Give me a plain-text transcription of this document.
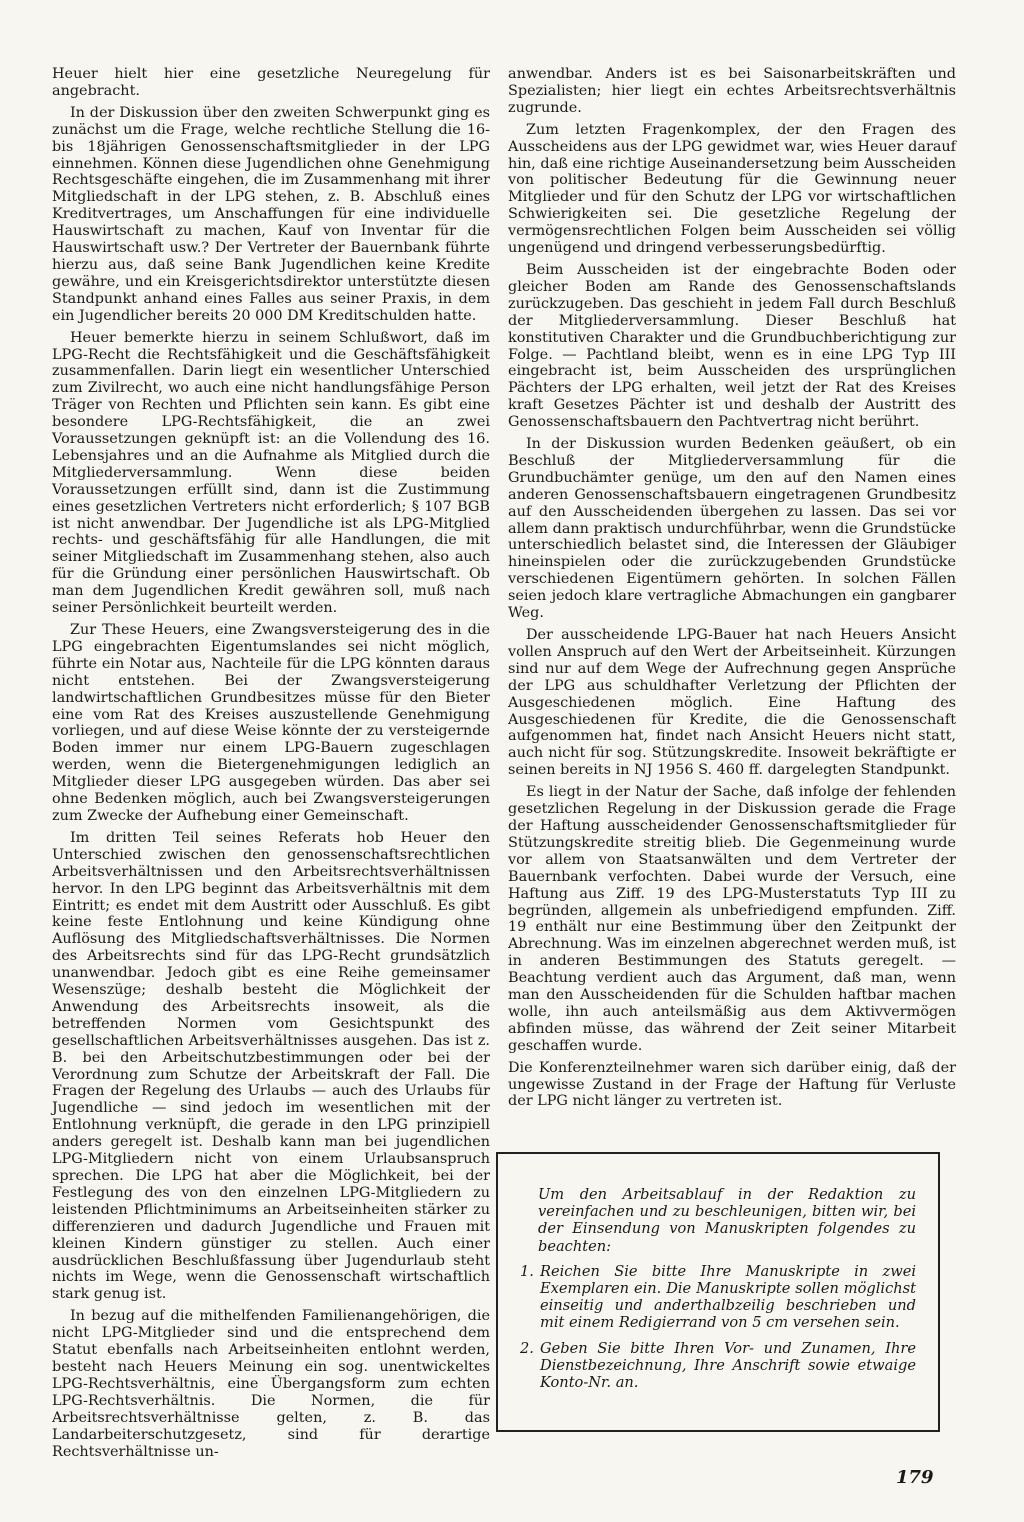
Heuer hielt hier eine gesetzliche Neuregelung für angebracht.

In der Diskussion über den zweiten Schwerpunkt ging es zunächst um die Frage, welche rechtliche Stellung die 16- bis 18jährigen Genossenschaftsmitglieder in der LPG einnehmen. Können diese Jugendlichen ohne Genehmigung Rechtsgeschäfte eingehen, die im Zusammenhang mit ihrer Mitgliedschaft in der LPG stehen, z. B. Abschluß eines Kreditvertrages, um Anschaffungen für eine individuelle Hauswirtschaft zu machen, Kauf von Inventar für die Hauswirtschaft usw.? Der Vertreter der Bauernbank führte hierzu aus, daß seine Bank Jugendlichen keine Kredite gewähre, und ein Kreisgerichtsdirektor unterstützte diesen Standpunkt anhand eines Falles aus seiner Praxis, in dem ein Jugendlicher bereits 20 000 DM Kreditschulden hatte.

Heuer bemerkte hierzu in seinem Schlußwort, daß im LPG-Recht die Rechtsfähigkeit und die Geschäftsfähigkeit zusammenfallen. Darin liegt ein wesentlicher Unterschied zum Zivilrecht, wo auch eine nicht handlungsfähige Person Träger von Rechten und Pflichten sein kann. Es gibt eine besondere LPG-Rechtsfähigkeit, die an zwei Voraussetzungen geknüpft ist: an die Vollendung des 16. Lebensjahres und an die Aufnahme als Mitglied durch die Mitgliederversammlung. Wenn diese beiden Voraussetzungen erfüllt sind, dann ist die Zustimmung eines gesetzlichen Vertreters nicht erforderlich; § 107 BGB ist nicht anwendbar. Der Jugendliche ist als LPG-Mitglied rechts- und geschäftsfähig für alle Handlungen, die mit seiner Mitgliedschaft im Zusammenhang stehen, also auch für die Gründung einer persönlichen Hauswirtschaft. Ob man dem Jugendlichen Kredit gewähren soll, muß nach seiner Persönlichkeit beurteilt werden.

Zur These Heuers, eine Zwangsversteigerung des in die LPG eingebrachten Eigentumslandes sei nicht möglich, führte ein Notar aus, Nachteile für die LPG könnten daraus nicht entstehen. Bei der Zwangsversteigerung landwirtschaftlichen Grundbesitzes müsse für den Bieter eine vom Rat des Kreises auszustellende Genehmigung vorliegen, und auf diese Weise könnte der zu versteigernde Boden immer nur einem LPG-Bauern zugeschlagen werden, wenn die Bietergenehmigungen lediglich an Mitglieder dieser LPG ausgegeben würden. Das aber sei ohne Bedenken möglich, auch bei Zwangsversteigerungen zum Zwecke der Aufhebung einer Gemeinschaft.

Im dritten Teil seines Referats hob Heuer den Unterschied zwischen den genossenschaftsrechtlichen Arbeitsverhältnissen und den Arbeitsrechtsverhältnissen hervor. In den LPG beginnt das Arbeitsverhältnis mit dem Eintritt; es endet mit dem Austritt oder Ausschluß. Es gibt keine feste Entlohnung und keine Kündigung ohne Auflösung des Mitgliedschaftsverhältnisses. Die Normen des Arbeitsrechts sind für das LPG-Recht grundsätzlich unanwendbar. Jedoch gibt es eine Reihe gemeinsamer Wesenszüge; deshalb besteht die Möglichkeit der Anwendung des Arbeitsrechts insoweit, als die betreffenden Normen vom Gesichtspunkt des gesellschaftlichen Arbeitsverhältnisses ausgehen. Das ist z. B. bei den Arbeitschutzbestimmungen oder bei der Verordnung zum Schutze der Arbeitskraft der Fall. Die Fragen der Regelung des Urlaubs — auch des Urlaubs für Jugendliche — sind jedoch im wesentlichen mit der Entlohnung verknüpft, die gerade in den LPG prinzipiell anders geregelt ist. Deshalb kann man bei jugendlichen LPG-Mitgliedern nicht von einem Urlaubsanspruch sprechen. Die LPG hat aber die Möglichkeit, bei der Festlegung des von den einzelnen LPG-Mitgliedern zu leistenden Pflichtminimums an Arbeitseinheiten stärker zu differenzieren und dadurch Jugendliche und Frauen mit kleinen Kindern günstiger zu stellen. Auch einer ausdrücklichen Beschlußfassung über Jugendurlaub steht nichts im Wege, wenn die Genossenschaft wirtschaftlich stark genug ist.

In bezug auf die mithelfenden Familienangehörigen, die nicht LPG-Mitglieder sind und die entsprechend dem Statut ebenfalls nach Arbeitseinheiten entlohnt werden, besteht nach Heuers Meinung ein sog. unentwickeltes LPG-Rechtsverhältnis, eine Übergangsform zum echten LPG-Rechtsverhältnis. Die Normen, die für Arbeitsrechtsverhältnisse gelten, z. B. das Landarbeiterschutzgesetz, sind für derartige Rechtsverhältnisse un-

anwendbar. Anders ist es bei Saisonarbeitskräften und Spezialisten; hier liegt ein echtes Arbeitsrechtsverhältnis zugrunde.

Zum letzten Fragenkomplex, der den Fragen des Ausscheidens aus der LPG gewidmet war, wies Heuer darauf hin, daß eine richtige Auseinandersetzung beim Ausscheiden von politischer Bedeutung für die Gewinnung neuer Mitglieder und für den Schutz der LPG vor wirtschaftlichen Schwierigkeiten sei. Die gesetzliche Regelung der vermögensrechtlichen Folgen beim Ausscheiden sei völlig ungenügend und dringend verbesserungsbedürftig.

Beim Ausscheiden ist der eingebrachte Boden oder gleicher Boden am Rande des Genossenschaftslands zurückzugeben. Das geschieht in jedem Fall durch Beschluß der Mitgliederversammlung. Dieser Beschluß hat konstitutiven Charakter und die Grundbuchberichtigung zur Folge. — Pachtland bleibt, wenn es in eine LPG Typ III eingebracht ist, beim Ausscheiden des ursprünglichen Pächters der LPG erhalten, weil jetzt der Rat des Kreises kraft Gesetzes Pächter ist und deshalb der Austritt des Genossenschaftsbauern den Pachtvertrag nicht berührt.

In der Diskussion wurden Bedenken geäußert, ob ein Beschluß der Mitgliederversammlung für die Grundbuchämter genüge, um den auf den Namen eines anderen Genossenschaftsbauern eingetragenen Grundbesitz auf den Ausscheidenden übergehen zu lassen. Das sei vor allem dann praktisch undurchführbar, wenn die Grundstücke unterschiedlich belastet sind, die Interessen der Gläubiger hineinspielen oder die zurückzugebenden Grundstücke verschiedenen Eigentümern gehörten. In solchen Fällen seien jedoch klare vertragliche Abmachungen ein gangbarer Weg.

Der ausscheidende LPG-Bauer hat nach Heuers Ansicht vollen Anspruch auf den Wert der Arbeitseinheit. Kürzungen sind nur auf dem Wege der Aufrechnung gegen Ansprüche der LPG aus schuldhafter Verletzung der Pflichten der Ausgeschiedenen möglich. Eine Haftung des Ausgeschiedenen für Kredite, die die Genossenschaft aufgenommen hat, findet nach Ansicht Heuers nicht statt, auch nicht für sog. Stützungskredite. Insoweit bekräftigte er seinen bereits in NJ 1956 S. 460 ff. dargelegten Standpunkt.

Es liegt in der Natur der Sache, daß infolge der fehlenden gesetzlichen Regelung in der Diskussion gerade die Frage der Haftung ausscheidender Genossenschaftsmitglieder für Stützungskredite streitig blieb. Die Gegenmeinung wurde vor allem von Staatsanwälten und dem Vertreter der Bauernbank verfochten. Dabei wurde der Versuch, eine Haftung aus Ziff. 19 des LPG-Musterstatuts Typ III zu begründen, allgemein als unbefriedigend empfunden. Ziff. 19 enthält nur eine Bestimmung über den Zeitpunkt der Abrechnung. Was im einzelnen abgerechnet werden muß, ist in anderen Bestimmungen des Statuts geregelt. — Beachtung verdient auch das Argument, daß man, wenn man den Ausscheidenden für die Schulden haftbar machen wolle, ihn auch anteilsmäßig aus dem Aktivvermögen abfinden müsse, das während der Zeit seiner Mitarbeit geschaffen wurde.

Die Konferenzteilnehmer waren sich darüber einig, daß der ungewisse Zustand in der Frage der Haftung für Verluste der LPG nicht länger zu vertreten ist.

Um den Arbeitsablauf in der Redaktion zu vereinfachen und zu beschleunigen, bitten wir, bei der Einsendung von Manuskripten folgendes zu beachten:

1. Reichen Sie bitte Ihre Manuskripte in zwei Exemplaren ein. Die Manuskripte sollen möglichst einseitig und anderthalbzeilig beschrieben und mit einem Redigierrand von 5 cm versehen sein.
2. Geben Sie bitte Ihren Vor- und Zunamen, Ihre Dienstbezeichnung, Ihre Anschrift sowie etwaige Konto-Nr. an.
179
